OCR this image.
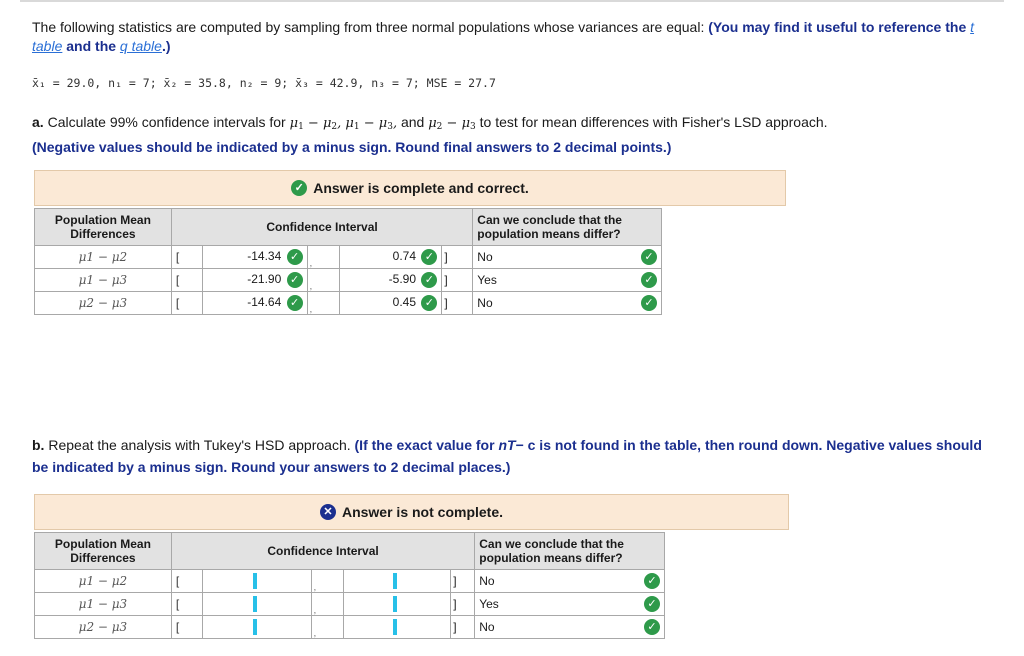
The following statistics are computed by sampling from three normal populations whose variances are equal: (You may find it useful to reference the t table and the q table.)
x̄₁ = 29.0, n₁ = 7; x̄₂ = 35.8, n₂ = 9; x̄₃ = 42.9, n₃ = 7; MSE = 27.7
a. Calculate 99% confidence intervals for $\mu_1 - \mu_2$, $\mu_1 - \mu_3$, and $\mu_2 - \mu_3$ to test for mean differences with Fisher's LSD approach.
(Negative values should be indicated by a minus sign. Round final answers to 2 decimal points.)
✓ Answer is complete and correct.
Population Mean Differences	Confidence Interval					Can we conclude that the population means differ?
μ1 − μ2	[	-14.34 ✓	,	0.74 ✓	]	No ✓

μ1 − μ3	[	-21.90 ✓	,	-5.90 ✓	]	Yes ✓

μ2 − μ3	[	-14.64 ✓	,	0.45 ✓	]	No ✓
b. Repeat the analysis with Tukey's HSD approach. (If the exact value for nT− c is not found in the table, then round down. Negative values should be indicated by a minus sign. Round your answers to 2 decimal places.)
✕ Answer is not complete.
Population Mean Differences	Confidence Interval					Can we conclude that the population means differ?
μ1 − μ2	[		,		]	No ✓

μ1 − μ3	[		,		]	Yes ✓

μ2 − μ3	[		,		]	No ✓
